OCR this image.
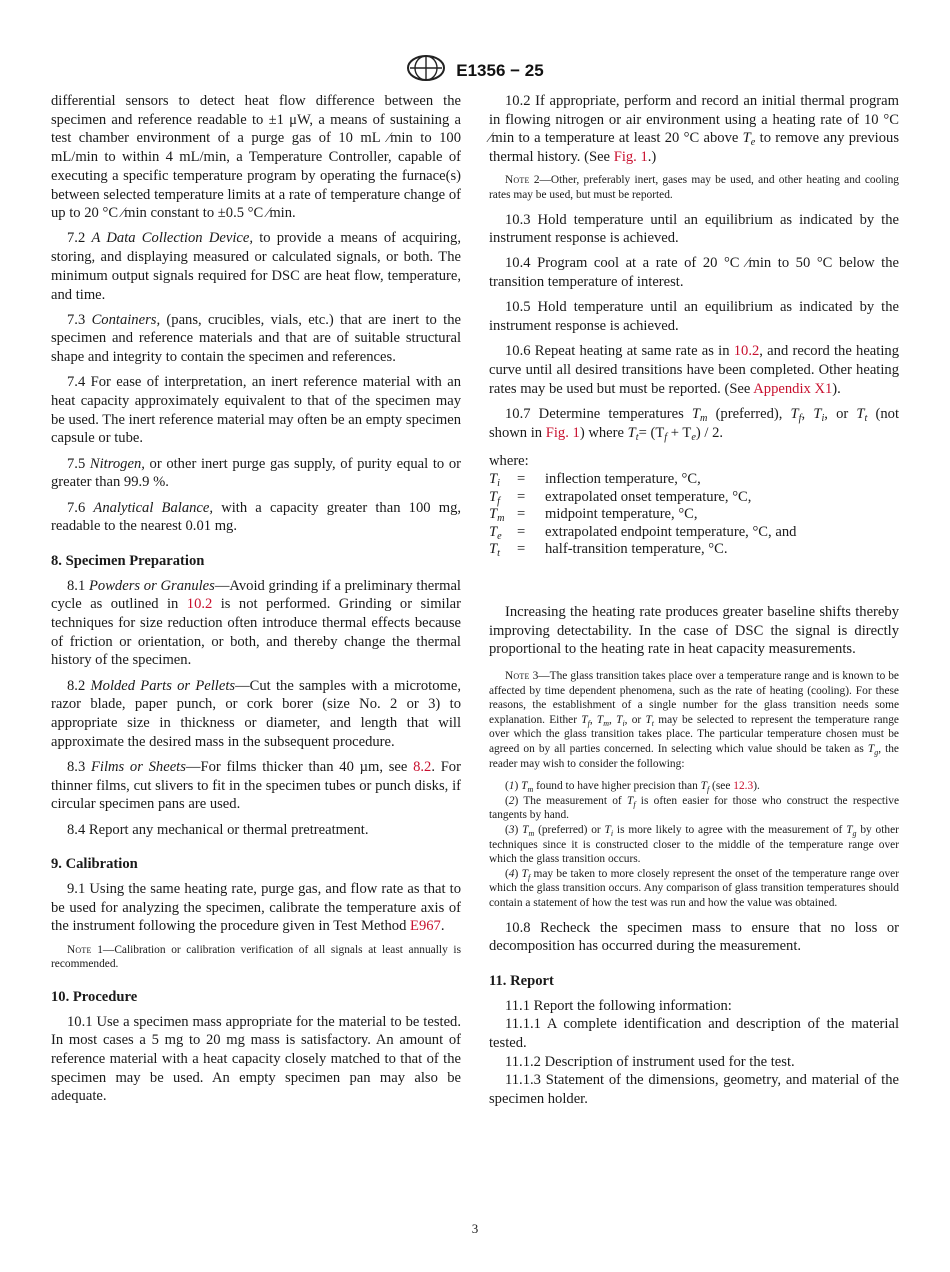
E1356 − 25

differential sensors to detect heat flow difference between the specimen and reference readable to ±1 μW, a means of sustaining a test chamber environment of a purge gas of 10 mL ⁄min to 100 mL/min to within 4 mL/min, a Temperature Controller, capable of executing a specific temperature program by operating the furnace(s) between selected temperature limits at a rate of temperature change of up to 20 °C ⁄min constant to ±0.5 °C ⁄min.

7.2 A Data Collection Device, to provide a means of acquiring, storing, and displaying measured or calculated signals, or both. The minimum output signals required for DSC are heat flow, temperature, and time.

7.3 Containers, (pans, crucibles, vials, etc.) that are inert to the specimen and reference materials and that are of suitable structural shape and integrity to contain the specimen and references.

7.4 For ease of interpretation, an inert reference material with an heat capacity approximately equivalent to that of the specimen may be used. The inert reference material may often be an empty specimen capsule or tube.

7.5 Nitrogen, or other inert purge gas supply, of purity equal to or greater than 99.9 %.

7.6 Analytical Balance, with a capacity greater than 100 mg, readable to the nearest 0.01 mg.

8. Specimen Preparation

8.1 Powders or Granules—Avoid grinding if a preliminary thermal cycle as outlined in 10.2 is not performed. Grinding or similar techniques for size reduction often introduce thermal effects because of friction or orientation, or both, and thereby change the thermal history of the specimen.

8.2 Molded Parts or Pellets—Cut the samples with a microtome, razor blade, paper punch, or cork borer (size No. 2 or 3) to appropriate size in thickness or diameter, and length that will approximate the desired mass in the subsequent procedure.

8.3 Films or Sheets—For films thicker than 40 µm, see 8.2. For thinner films, cut slivers to fit in the specimen tubes or punch disks, if circular specimen pans are used.

8.4 Report any mechanical or thermal pretreatment.

9. Calibration

9.1 Using the same heating rate, purge gas, and flow rate as that to be used for analyzing the specimen, calibrate the temperature axis of the instrument following the procedure given in Test Method E967.

Note 1—Calibration or calibration verification of all signals at least annually is recommended.
10. Procedure

10.1 Use a specimen mass appropriate for the material to be tested. In most cases a 5 mg to 20 mg mass is satisfactory. An amount of reference material with a heat capacity closely matched to that of the specimen may be used. An empty specimen pan may also be adequate.

10.2 If appropriate, perform and record an initial thermal program in flowing nitrogen or air environment using a heating rate of 10 °C ⁄min to a temperature at least 20 °C above $T_e$ to remove any previous thermal history. (See Fig. 1.)

Note 2—Other, preferably inert, gases may be used, and other heating and cooling rates may be used, but must be reported.

10.3 Hold temperature until an equilibrium as indicated by the instrument response is achieved.

10.4 Program cool at a rate of 20 °C ⁄min to 50 °C below the transition temperature of interest.

10.5 Hold temperature until an equilibrium as indicated by the instrument response is achieved.

10.6 Repeat heating at same rate as in 10.2, and record the heating curve until all desired transitions have been completed. Other heating rates may be used but must be reported. (See Appendix X1).

10.7 Determine temperatures $T_m$ (preferred), $T_f$, $T_i$, or $T_t$ (not shown in Fig. 1) where $T_t= (T_f + T_e) / 2$.

where:
$T_i$	=	inflection temperature, °C,
$T_f$	=	extrapolated onset temperature, °C,
$T_m$	=	midpoint temperature, °C,
$T_e$	=	extrapolated endpoint temperature, °C, and
$T_t$	=	half-transition temperature, °C.

Increasing the heating rate produces greater baseline shifts thereby improving detectability. In the case of DSC the signal is directly proportional to the heating rate in heat capacity measurements.

Note 3—The glass transition takes place over a temperature range and is known to be affected by time dependent phenomena, such as the rate of heating (cooling). For these reasons, the establishment of a single number for the glass transition needs some explanation. Either $T_f$, $T_m$, $T_i$, or $T_t$ may be selected to represent the temperature range over which the glass transition takes place. The particular temperature chosen must be agreed on by all parties concerned. In selecting which value should be taken as $T_g$, the reader may wish to consider the following:
(1) $T_m$ found to have higher precision than $T_f$ (see 12.3).
(2) The measurement of $T_f$ is often easier for those who construct the respective tangents by hand.
(3) $T_m$ (preferred) or $T_i$ is more likely to agree with the measurement of $T_g$ by other techniques since it is constructed closer to the middle of the temperature range over which the glass transition occurs.
(4) $T_f$ may be taken to more closely represent the onset of the temperature range over which the glass transition occurs. Any comparison of glass transition temperatures should contain a statement of how the test was run and how the value was obtained.

10.8 Recheck the specimen mass to ensure that no loss or decomposition has occurred during the measurement.

11. Report

11.1 Report the following information:

11.1.1 A complete identification and description of the material tested.

11.1.2 Description of instrument used for the test.

11.1.3 Statement of the dimensions, geometry, and material of the specimen holder.

3
